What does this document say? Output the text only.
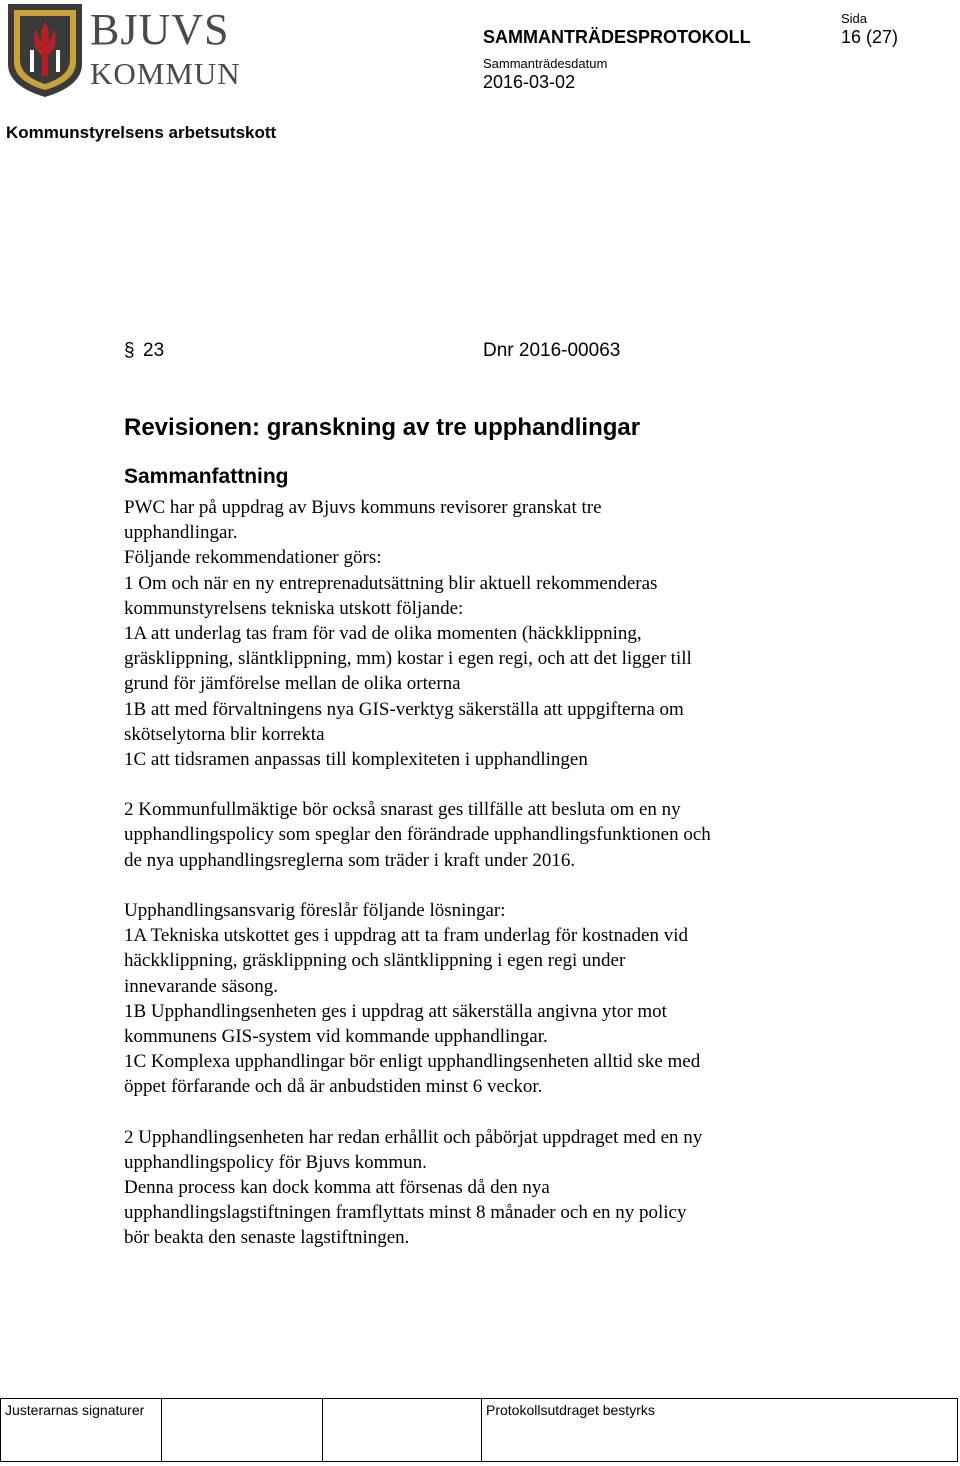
BJUVS
KOMMUN
SAMMANTRÄDESPROTOKOLL
Sida
16 (27)
Sammanträdesdatum
2016-03-02
Kommunstyrelsens arbetsutskott
§ 23	Dnr 2016-00063
Revisionen: granskning av tre upphandlingar
Sammanfattning
PWC har på uppdrag av Bjuvs kommuns revisorer granskat tre
upphandlingar.
Följande rekommendationer görs:
1 Om och när en ny entreprenadutsättning blir aktuell rekommenderas
kommunstyrelsens tekniska utskott följande:
1A att underlag tas fram för vad de olika momenten (häckklippning,
gräsklippning, släntklippning, mm) kostar i egen regi, och att det ligger till
grund för jämförelse mellan de olika orterna
1B att med förvaltningens nya GIS-verktyg säkerställa att uppgifterna om
skötselytorna blir korrekta
1C att tidsramen anpassas till komplexiteten i upphandlingen
2 Kommunfullmäktige bör också snarast ges tillfälle att besluta om en ny
upphandlingspolicy som speglar den förändrade upphandlingsfunktionen och
de nya upphandlingsreglerna som träder i kraft under 2016.
Upphandlingsansvarig föreslår följande lösningar:
1A Tekniska utskottet ges i uppdrag att ta fram underlag för kostnaden vid
häckklippning, gräsklippning och släntklippning i egen regi under
innevarande säsong.
1B Upphandlingsenheten ges i uppdrag att säkerställa angivna ytor mot
kommunens GIS-system vid kommande upphandlingar.
1C Komplexa upphandlingar bör enligt upphandlingsenheten alltid ske med
öppet förfarande och då är anbudstiden minst 6 veckor.
2 Upphandlingsenheten har redan erhållit och påbörjat uppdraget med en ny
upphandlingspolicy för Bjuvs kommun.
Denna process kan dock komma att försenas då den nya
upphandlingslagstiftningen framflyttats minst 8 månader och en ny policy
bör beakta den senaste lagstiftningen.
Justerarnas signaturer			Protokollsutdraget bestyrks
